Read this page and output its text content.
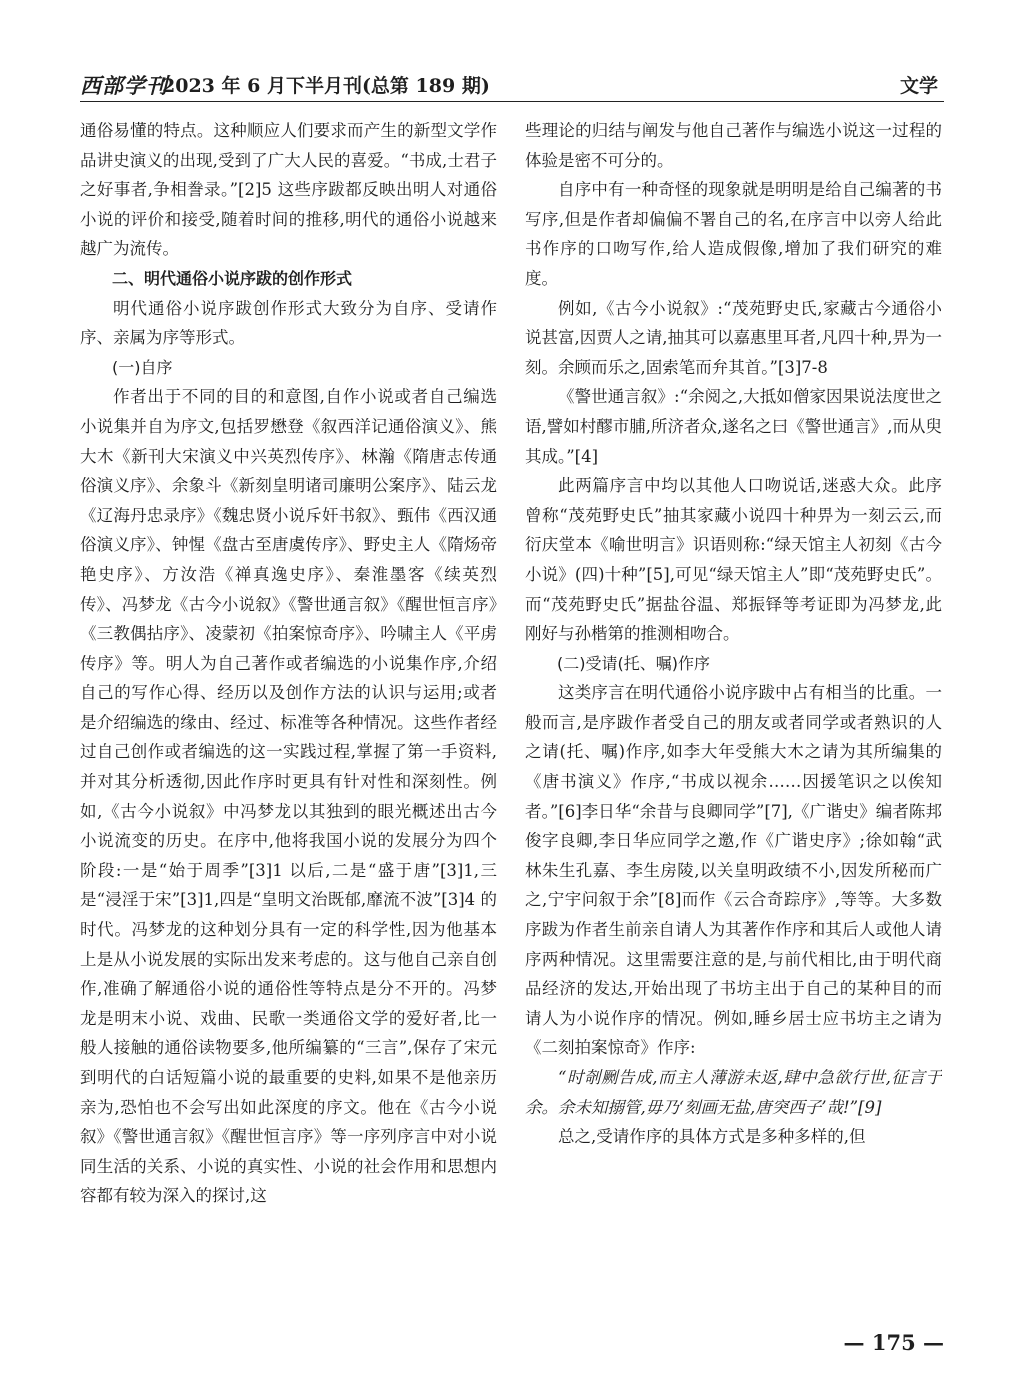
西部学刊
2023 年 6 月下半月刊(总第 189 期)	文学

通俗易懂的特点。这种顺应人们要求而产生的新型文学作品讲史演义的出现,受到了广大人民的喜爱。“书成,士君子之好事者,争相誊录。”[2]5 这些序跋都反映出明人对通俗小说的评价和接受,随着时间的推移,明代的通俗小说越来越广为流传。

二、明代通俗小说序跋的创作形式

明代通俗小说序跋创作形式大致分为自序、受请作序、亲属为序等形式。

(一)自序

作者出于不同的目的和意图,自作小说或者自己编选小说集并自为序文,包括罗懋登《叙西洋记通俗演义》、熊大木《新刊大宋演义中兴英烈传序》、林瀚《隋唐志传通俗演义序》、余象斗《新刻皇明诸司廉明公案序》、陆云龙《辽海丹忠录序》《魏忠贤小说斥奸书叙》、甄伟《西汉通俗演义序》、钟惺《盘古至唐虞传序》、野史主人《隋炀帝艳史序》、方汝浩《禅真逸史序》、秦淮墨客《续英烈传》、冯梦龙《古今小说叙》《警世通言叙》《醒世恒言序》《三教偶拈序》、凌蒙初《拍案惊奇序》、吟啸主人《平虏传序》等。明人为自己著作或者编选的小说集作序,介绍自己的写作心得、经历以及创作方法的认识与运用;或者是介绍编选的缘由、经过、标准等各种情况。这些作者经过自己创作或者编选的这一实践过程,掌握了第一手资料,并对其分析透彻,因此作序时更具有针对性和深刻性。例如,《古今小说叙》中冯梦龙以其独到的眼光概述出古今小说流变的历史。在序中,他将我国小说的发展分为四个阶段:一是“始于周季”[3]1 以后,二是“盛于唐”[3]1,三是“浸淫于宋”[3]1,四是“皇明文治既郁,靡流不波”[3]4 的时代。冯梦龙的这种划分具有一定的科学性,因为他基本上是从小说发展的实际出发来考虑的。这与他自己亲自创作,准确了解通俗小说的通俗性等特点是分不开的。冯梦龙是明末小说、戏曲、民歌一类通俗文学的爱好者,比一般人接触的通俗读物要多,他所编纂的“三言”,保存了宋元到明代的白话短篇小说的最重要的史料,如果不是他亲历亲为,恐怕也不会写出如此深度的序文。他在《古今小说叙》《警世通言叙》《醒世恒言序》等一序列序言中对小说同生活的关系、小说的真实性、小说的社会作用和思想内容都有较为深入的探讨,这

些理论的归结与阐发与他自己著作与编选小说这一过程的体验是密不可分的。

自序中有一种奇怪的现象就是明明是给自己编著的书写序,但是作者却偏偏不署自己的名,在序言中以旁人给此书作序的口吻写作,给人造成假像,增加了我们研究的难度。

例如,《古今小说叙》:“茂苑野史氏,家藏古今通俗小说甚富,因贾人之请,抽其可以嘉惠里耳者,凡四十种,畀为一刻。余顾而乐之,固索笔而弁其首。”[3]7-8

《警世通言叙》:“余阅之,大抵如僧家因果说法度世之语,譬如村醪市脯,所济者众,遂名之曰《警世通言》,而从臾其成。”[4]

此两篇序言中均以其他人口吻说话,迷惑大众。此序曾称“茂苑野史氏”抽其家藏小说四十种畀为一刻云云,而衍庆堂本《喻世明言》识语则称:“绿天馆主人初刻《古今小说》(四)十种”[5],可见“绿天馆主人”即“茂苑野史氏”。而“茂苑野史氏”据盐谷温、郑振铎等考证即为冯梦龙,此刚好与孙楷第的推测相吻合。

(二)受请(托、嘱)作序

这类序言在明代通俗小说序跋中占有相当的比重。一般而言,是序跋作者受自己的朋友或者同学或者熟识的人之请(托、嘱)作序,如李大年受熊大木之请为其所编集的《唐书演义》作序,“书成以视余……因援笔识之以俟知者。”[6]李日华“余昔与良卿同学”[7],《广谐史》编者陈邦俊字良卿,李日华应同学之邀,作《广谐史序》;徐如翰“武林朱生孔嘉、李生房陵,以关皇明政绩不小,因发所秘而广之,宁宇问叙于余”[8]而作《云合奇踪序》,等等。大多数序跋为作者生前亲自请人为其著作作序和其后人或他人请序两种情况。这里需要注意的是,与前代相比,由于明代商品经济的发达,开始出现了书坊主出于自己的某种目的而请人为小说作序的情况。例如,睡乡居士应书坊主之请为《二刻拍案惊奇》作序:

“时剞劂告成,而主人薄游未返,肆中急欲行世,征言于余。余未知搦管,毋乃‘刻画无盐,唐突西子’哉!”[9]

总之,受请作序的具体方式是多种多样的,但

— 175 —
